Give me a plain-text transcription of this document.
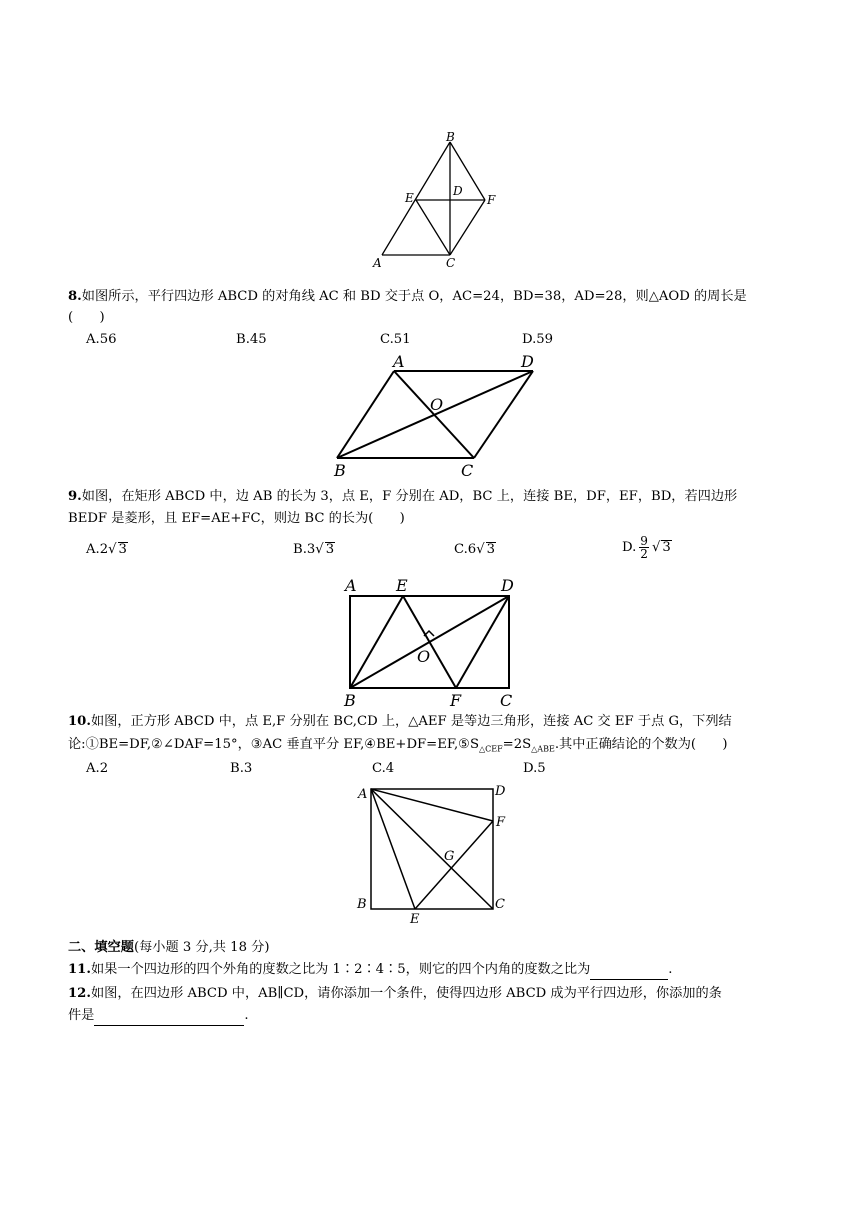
B
E	D
F
A	C
8.如图所示，平行四边形 ABCD 的对角线 AC 和 BD 交于点 O，AC=24，BD=38，AD=28，则△AOD 的周长是
(　　)
A.56	B.45	C.51	D.59
A	D
O
B	C
9.如图，在矩形 ABCD 中，边 AB 的长为 3，点 E，F 分别在 AD，BC 上，连接 BE，DF，EF，BD，若四边形
BEDF 是菱形，且 EF=AE+FC，则边 BC 的长为(　　)
A.2√ 3	B.3√ 3	C.6√ 3	D. $\frac{9}{2}$ √ 3
A E	D
O
B	F C
10.如图，正方形 ABCD 中，点 E,F 分别在 BC,CD 上，△AEF 是等边三角形，连接 AC 交 EF 于点 G，下列结
论:①BE=DF,②∠DAF=15°，③AC 垂直平分 $EF,④BE+DF=EF,⑤S_{\triangle CEF}=2S_{\triangle ABE}$.其中正确结论的个数为(　　)
A.2	B.3	C.4	D.5
A	D
F
G
B
E
C
二、填空题(每小题 3 分,共 18 分)
11.如果一个四边形的四个外角的度数之比为 1∶2∶4∶5，则它的四个内角的度数之比为	.
12.如图，在四边形 ABCD 中，AB∥CD，请你添加一个条件，使得四边形 ABCD 成为平行四边形，你添加的条
件是	.
